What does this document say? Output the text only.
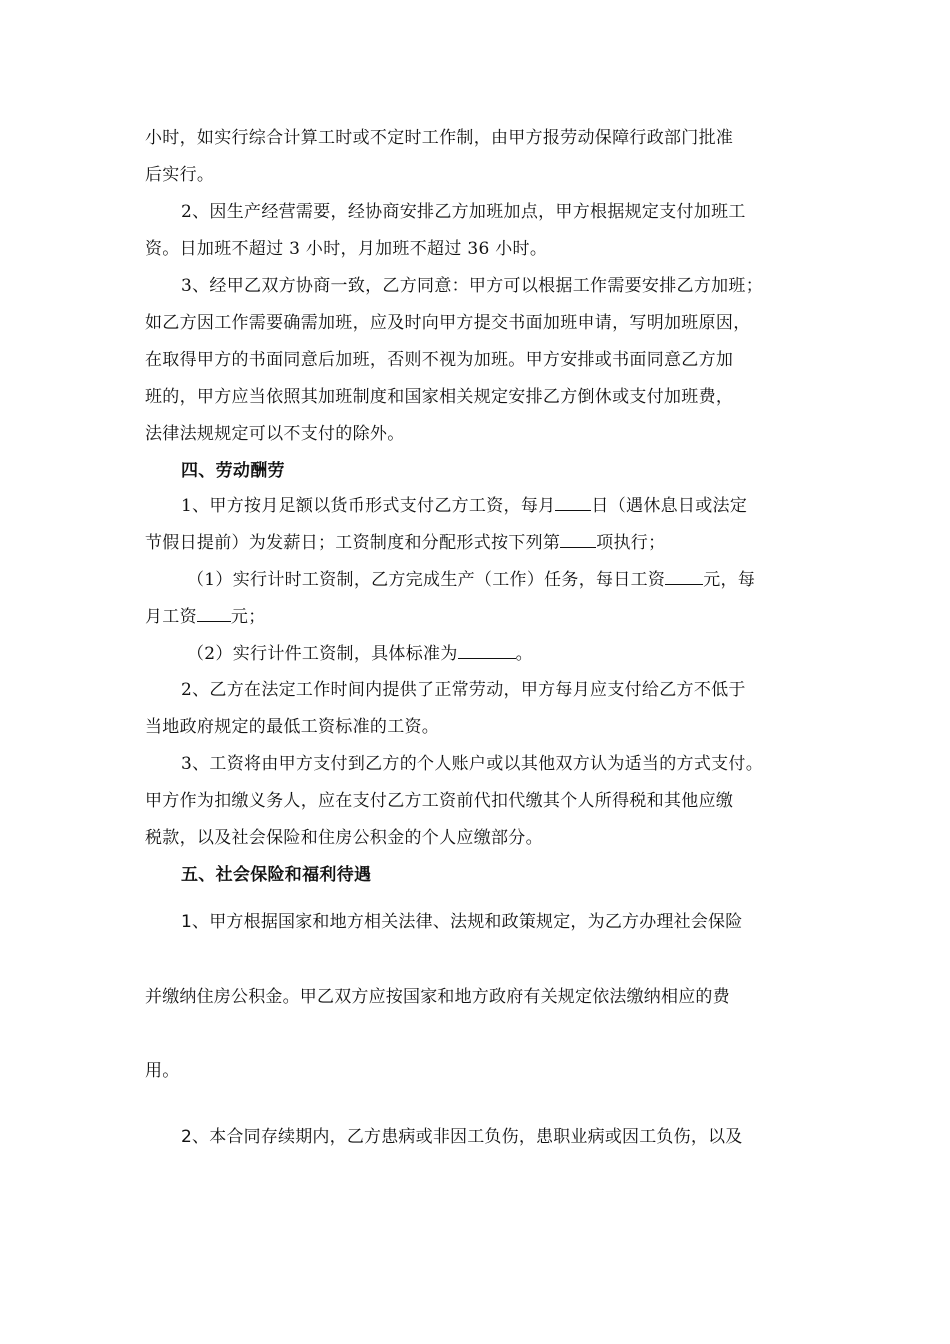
小时，如实行综合计算工时或不定时工作制，由甲方报劳动保障行政部门批准
后实行。
2、因生产经营需要，经协商安排乙方加班加点，甲方根据规定支付加班工
资。日加班不超过 3 小时，月加班不超过 36 小时。
3、经甲乙双方协商一致，乙方同意：甲方可以根据工作需要安排乙方加班；
如乙方因工作需要确需加班，应及时向甲方提交书面加班申请，写明加班原因，
在取得甲方的书面同意后加班，否则不视为加班。甲方安排或书面同意乙方加
班的，甲方应当依照其加班制度和国家相关规定安排乙方倒休或支付加班费，
法律法规规定可以不支付的除外。
四、劳动酬劳
1、甲方按月足额以货币形式支付乙方工资，每月 日（遇休息日或法定
节假日提前）为发薪日；工资制度和分配形式按下列第 项执行；
（1）实行计时工资制，乙方完成生产（工作）任务，每日工资 元，每
月工资 元；
（2）实行计件工资制，具体标准为	。
2、乙方在法定工作时间内提供了正常劳动，甲方每月应支付给乙方不低于
当地政府规定的最低工资标准的工资。
3、工资将由甲方支付到乙方的个人账户或以其他双方认为适当的方式支付。
甲方作为扣缴义务人，应在支付乙方工资前代扣代缴其个人所得税和其他应缴
税款，以及社会保险和住房公积金的个人应缴部分。
五、社会保险和福利待遇
1、甲方根据国家和地方相关法律、法规和政策规定，为乙方办理社会保险
并缴纳住房公积金。甲乙双方应按国家和地方政府有关规定依法缴纳相应的费
用。
2、本合同存续期内，乙方患病或非因工负伤，患职业病或因工负伤，以及
